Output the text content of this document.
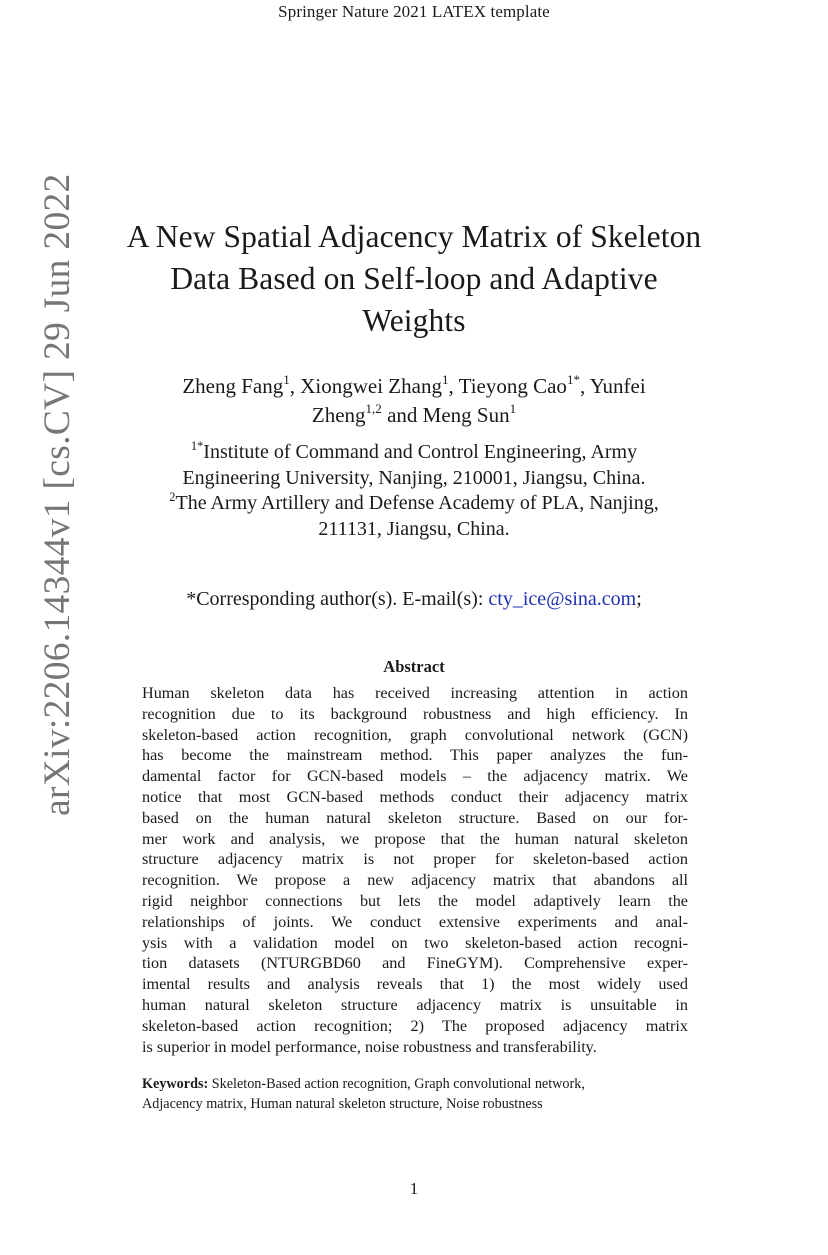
Springer Nature 2021 LATEX template
arXiv:2206.14344v1 [cs.CV] 29 Jun 2022	A New Spatial Adjacency Matrix of Skeleton
Data Based on Self-loop and Adaptive
Weights
Zheng Fang$^1$, Xiongwei Zhang$^1$, Tieyong Cao$^{1*}$, Yunfei
Zheng$^{1,2}$ and Meng Sun$^1$
$^{1*}$Institute of Command and Control Engineering, Army
Engineering University, Nanjing, 210001, Jiangsu, China.
$^2$The Army Artillery and Defense Academy of PLA, Nanjing,
211131, Jiangsu, China.
*Corresponding author(s). E-mail(s): cty_ice@sina.com;
Abstract
Human skeleton data has received increasing attention in action
recognition due to its background robustness and high efficiency. In
skeleton-based action recognition, graph convolutional network (GCN)
has become the mainstream method. This paper analyzes the fun-
damental factor for GCN-based models – the adjacency matrix. We
notice that most GCN-based methods conduct their adjacency matrix
based on the human natural skeleton structure. Based on our for-
mer work and analysis, we propose that the human natural skeleton
structure adjacency matrix is not proper for skeleton-based action
recognition. We propose a new adjacency matrix that abandons all
rigid neighbor connections but lets the model adaptively learn the
relationships of joints. We conduct extensive experiments and anal-
ysis with a validation model on two skeleton-based action recogni-
tion datasets (NTURGBD60 and FineGYM). Comprehensive exper-
imental results and analysis reveals that 1) the most widely used
human natural skeleton structure adjacency matrix is unsuitable in
skeleton-based action recognition; 2) The proposed adjacency matrix
is superior in model performance, noise robustness and transferability.
Keywords: Skeleton-Based action recognition, Graph convolutional network,
Adjacency matrix, Human natural skeleton structure, Noise robustness
1
